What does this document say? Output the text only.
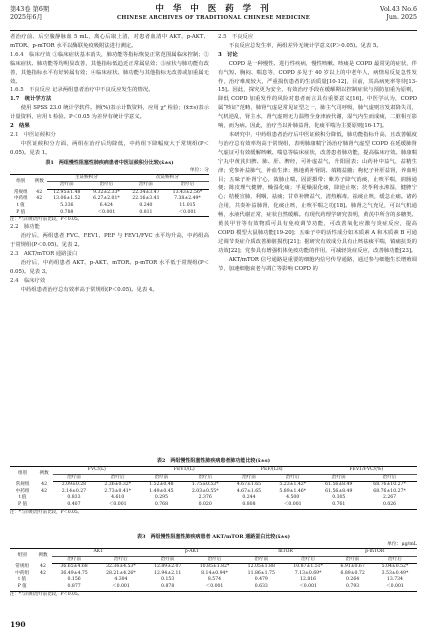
第43卷 第6期
2025年6月
中 华 中 医 药 学 刊
CHINESE ARCHIVES OF TRADITIONAL CHINESE MEDICINE
Vol.43 No.6
Jun. 2025

者治疗前、后空腹静脉血 5 mL，离心后取上清，对患者血清中 AKT、p-AKT、mTOR、p-mTOR 水平以酶联免疫吸附法进行测定。

1.6.4　临床疗效 ①临床症状基本消失，肺功能等指标恢复正常范围属临床控制；②临床症状、肺功能等均明显改善，其他指标低趋近正常属显效；③症状与肺功能有改善，其他指标水平有好转属有效；④临床症状、肺功能与其他指标无改善或加重属无效。

1.6.5　不良反应 记录两组患者治疗中不良反应发生的情况。

1.7　统计学方法

使用 SPSS 23.0 统计学软件。例(%)表示计数资料，应用 χ² 检验；(x̄±s)表示计量资料，应用 t 检验。P＜0.05 为差异有统计学意义。

2　结果

2.1　中医证候积分

中医证候积分方面，两组在治疗后均降低，中药组下降幅度大于常规组(P＜0.05)。见表 1。

表1　两组慢性阻塞性肺疾病患者中医证候积分比较(x̄±s)
单位：分
组别	例数	主证候积分		次证候积分	
		治疗前	治疗后	治疗前	治疗后
常规组	42	12.95±1.48	9.32±2.33*	22.34±3.47	13.43±2.56*
中药组	42	13.06±1.52	6.27±2.01*	22.16±3.41	7.38±2.49*
t 值		5.336	6.424	0.240	11.015
P 值		0.788	＜0.001	0.811	＜0.001
注：*与同组治疗前比较，P＜0.05。

2.2　肺功能

治疗后，两组患者 FVC、FEV1、PEF 与 FEV1/FVC 水平均升高，中药组高于常规组(P＜0.05)。见表 2。

2.3　AKT/mTOR 通路蛋白

治疗后，中药组患者 AKT、p-AKT、mTOR、p-mTOR 水平低于常规组(P＜0.05)。见表 3。

2.4　临床疗效

中药组患者治疗总有效率高于常规组(P＜0.05)。见表 4。

2.5　不良反应

不良反应总发生率，两组差异无统计学意义(P＞0.05)。见表 5。

3　讨论

COPD 是一种慢性、进行性疾病，慢性咳嗽、咳痰是 COPD 最常见的症状，伴有气短、胸闷、喘息等，COPD 多见于 40 岁以上的中老年人，病情易反复急性发作，治疗难度较大，严重损伤患者的生活质量[10-12]，目前，其高病死率等待[13-15]。因此，探究更为安全，有效治疗手段在缓解期以控制症状与预防加重为原则，降低 COPD 加重发作的风险对患者而言具有重要意义[16]。中医学认为，COPD 属“咳证”范畴，肺肾气虚是常见证型之一，肺主气司呼吸，肺气虚则宣发肃降失司，气机逆乱，肾主水，肾气虚则无力温煦全身津液代谢，湿气内生而成痰，二脏相互影响，而为病。因此，治疗当以补肺益肾，化痰平喘为主要原则[16-17]。

本研究中，中药组患者治疗后中医证候积分降低，肺功能指标升高，且改善幅度与治疗总有效率均高于常规组，表明肺康喘宁汤治疗肺肾气虚型 COPD 在延缓肺肾气虚证可有效缓解咳嗽、喘息等临床症状，改善患者肺功能，提高临床疗效。肺康喘宁丸中黄芪归脾、肺、肝、脾经，可补虚益气，升阳固表；山药补中益气，益精生津；党参补益肺气，补血生津；熟地黄补肾阴、填精益髓；枸杞子补肝益肾，养血明目；五味子补肾宁心，敛肺止喘，固涩摄带；紫苏子降气消痰，止咳平喘，润肠通便；陈皮理气健脾，燥湿化痰；半夏燥湿化痰，降逆止呕；茯苓利水渗湿，健脾宁心；桔梗宣肺，利咽，祛痰；甘草补脾益气，清热解毒，祛痰止咳，缓急止痛。诸药合用，共奏补益肺肾，化痰止咳，止咳平喘之功[18]。肺肾之气充足，可以气机通畅，水液代谢正常，症状自然缓解。有现代药理学研究表明，黄芪中所含的多糖类、黄芪甲苷等有效物质可具有免疫调节功能，可改善氧化应激与炎症反应，提高 COPD 模型大鼠肺功能[19-20]；五味子中的活性成分如木质素 A 和木质素 B 可通过调节炎症介质改善肺脏损伤[21]；据研究有效成分具有止咳祛痰平喘，镇痛抗炎的功效[22]；党参具有增强机体免疫功能的作用，可减轻炎症反应，改善肺功能[23]。

AKT/mTOR 信号通路是重要的细胞内信号传导通路，通过参与细胞生长增殖调节，加速细胞衰老与凋亡等影响 COPD 的

表2　两组慢性阻塞性肺疾病患者肺功能比较(x̄±s)
组别	例数	FVC/(L)		FEV1/(L)		PEF/(L/s)		FEV1/FVC/(%)	
		治疗前	治疗后	治疗前	治疗后	治疗前	治疗后	治疗前	治疗后
常规组	42	2.09±0.28	2.36±0.32*	1.52±0.48	1.75±0.53*	4.67±1.65	5.23±1.42*	61.56±8.49	68.76±10.27*
中药组	42	2.14±0.27	2.73±0.41*	1.49±0.45	2.03±0.55*	4.67±1.65	5.89±1.46*	61.56±8.49	68.76±10.27*
t 值		0.833	4.610	0.295	2.376	0.244	4.500	0.305	2.267
P 值		0.407	＜0.001	0.768	0.020	0.808	＜0.001	0.761	0.026
注：*与同组治疗前比较，P＜0.05。
表3　两组慢性阻塞性肺疾病患者 AKT/mTOR 通路蛋白比较(x̄±s)
单位：μg/mL
组别	例数	AKT		p-AKT		mTOR		p-mTOR	
		治疗前	治疗后	治疗前	治疗后	治疗前	治疗后	治疗前	治疗后
常规组	42	36.65±4.68	32.36±4.53*	12.89±2.07	10.85±1.82*	12.05±1.88	10.87±1.51*	6.91±0.67	5.04±0.52*
中药组	42	36.49±4.75	28.21±4.26*	12.94±2.11	8.14±0.94*	11.86±1.75	7.13±0.69*	6.89±0.72	3.53±0.49*
t 值		0.156	4.304	0.153	8.574	0.479	12.816	0.264	13.734
P 值		0.877	＜0.001	0.878	＜0.001	0.633	＜0.001	0.793	＜0.001
注：*与同组治疗前比较，P＜0.05。
190
